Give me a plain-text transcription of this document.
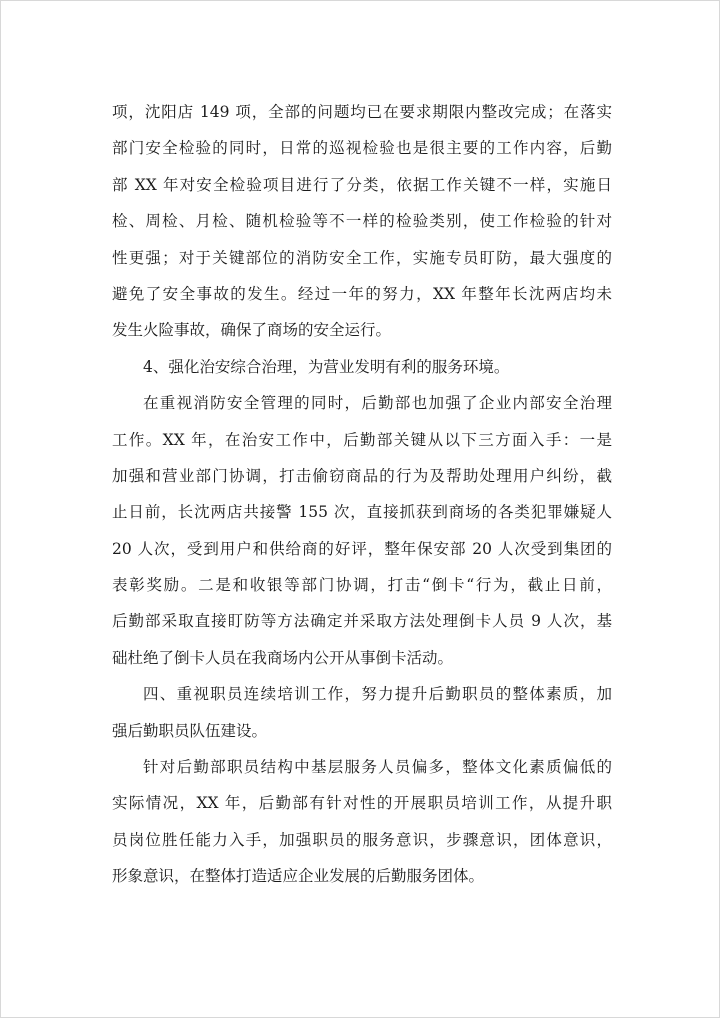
项，沈阳店 149 项，全部的问题均已在要求期限内整改完成；在落实
部门安全检验的同时，日常的巡视检验也是很主要的工作内容，后勤
部 XX 年对安全检验项目进行了分类，依据工作关键不一样，实施日
检、周检、月检、随机检验等不一样的检验类别，使工作检验的针对
性更强；对于关键部位的消防安全工作，实施专员盯防，最大强度的
避免了安全事故的发生。经过一年的努力，XX 年整年长沈两店均未
发生火险事故，确保了商场的安全运行。
4、强化治安综合治理，为营业发明有利的服务环境。
在重视消防安全管理的同时，后勤部也加强了企业内部安全治理
工作。XX 年，在治安工作中，后勤部关键从以下三方面入手：一是
加强和营业部门协调，打击偷窃商品的行为及帮助处理用户纠纷，截
止日前，长沈两店共接警 155 次，直接抓获到商场的各类犯罪嫌疑人
20 人次，受到用户和供给商的好评，整年保安部 20 人次受到集团的
表彰奖励。二是和收银等部门协调，打击“倒卡“行为，截止日前，
后勤部采取直接盯防等方法确定并采取方法处理倒卡人员 9 人次，基
础杜绝了倒卡人员在我商场内公开从事倒卡活动。
四、重视职员连续培训工作，努力提升后勤职员的整体素质，加
强后勤职员队伍建设。
针对后勤部职员结构中基层服务人员偏多，整体文化素质偏低的
实际情况，XX 年，后勤部有针对性的开展职员培训工作，从提升职
员岗位胜任能力入手，加强职员的服务意识，步骤意识，团体意识，
形象意识，在整体打造适应企业发展的后勤服务团体。
